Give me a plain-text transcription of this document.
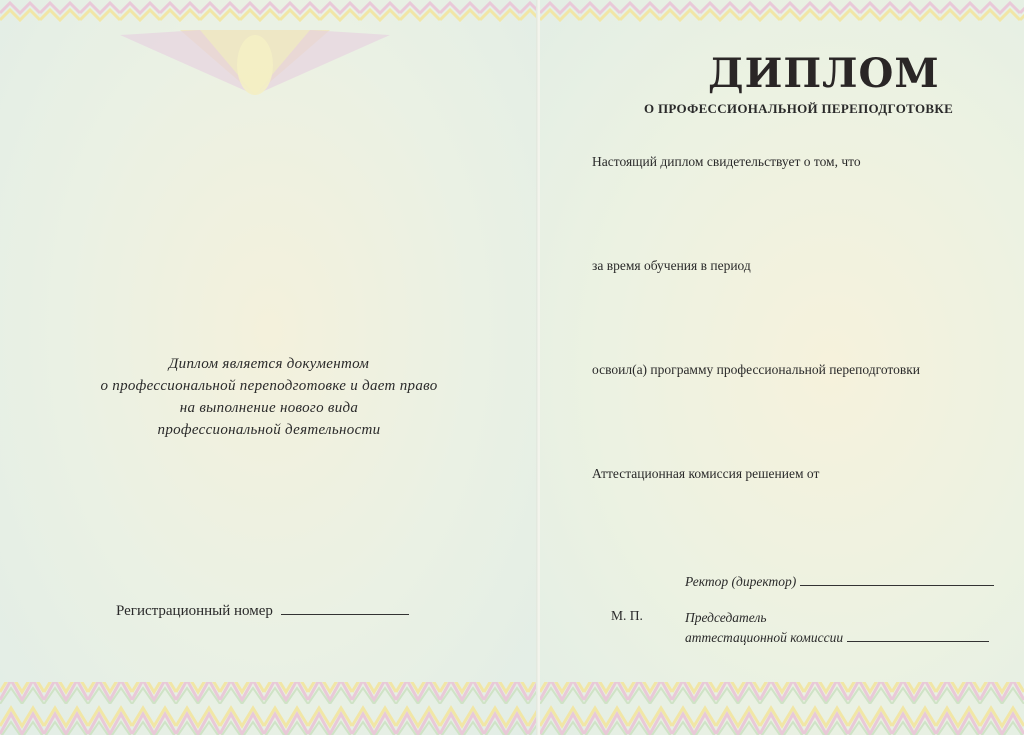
Диплом является документом
о профессиональной переподготовке и дает право
на выполнение нового вида
профессиональной деятельности
Регистрационный номер
ДИПЛОМ
О ПРОФЕССИОНАЛЬНОЙ ПЕРЕПОДГОТОВКЕ
Настоящий диплом свидетельствует о том, что
за время обучения в период
освоил(а) программу профессиональной переподготовки
Аттестационная комиссия решением от
Ректор (директор)
М. П.	Председатель
аттестационной комиссии
